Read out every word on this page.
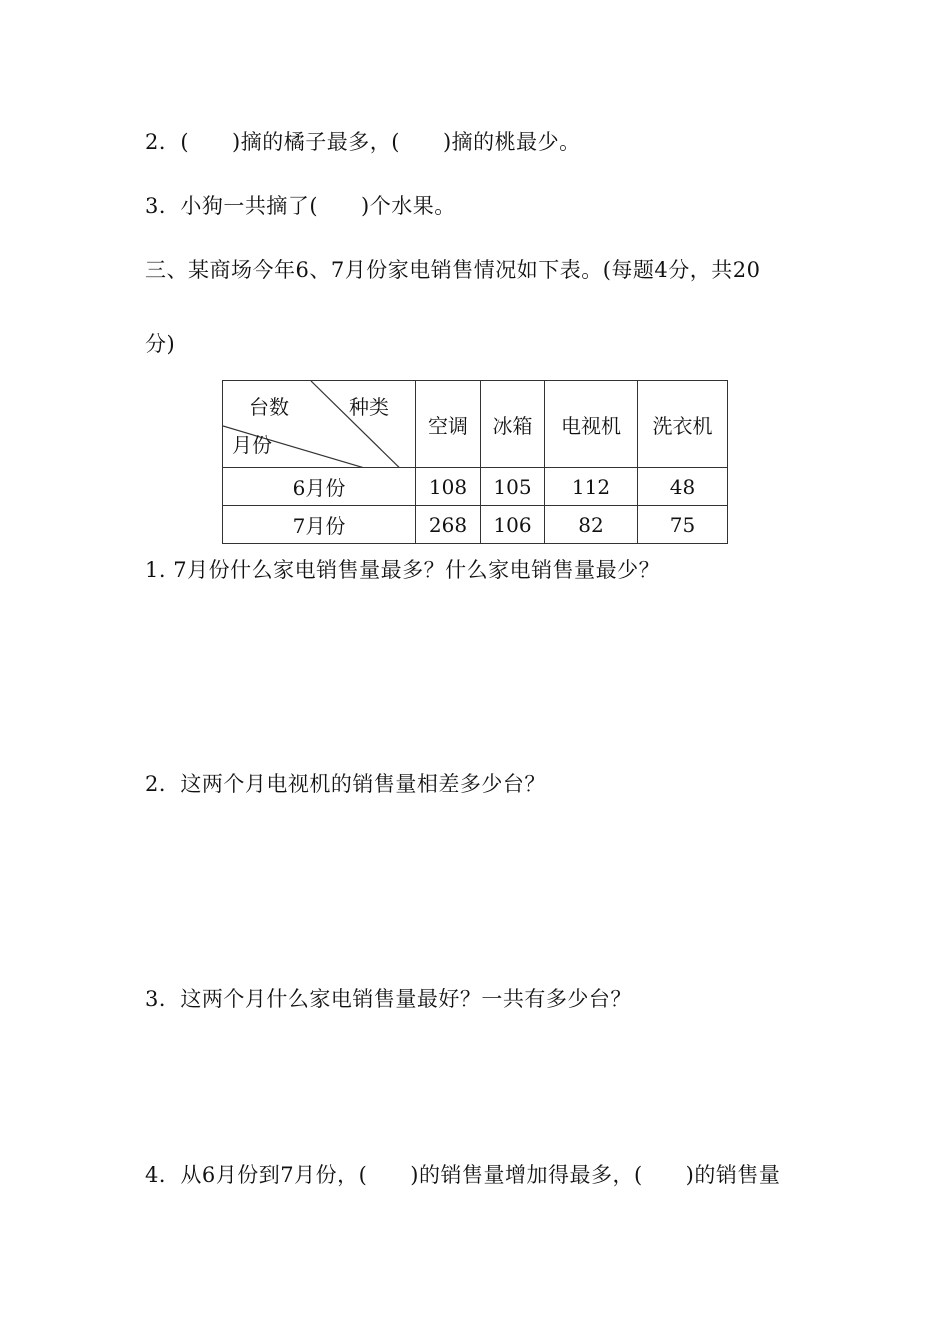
2．(　　)摘的橘子最多，(　　)摘的桃最少。
3．小狗一共摘了(　　)个水果。
三、某商场今年6、7月份家电销售情况如下表。(每题4分，共20
分)
台数 种类
月份	空调	冰箱	电视机	洗衣机
6月份	108	105	112	48
7月份	268	106	82	75
1. 7月份什么家电销售量最多？什么家电销售量最少？
2．这两个月电视机的销售量相差多少台？
3．这两个月什么家电销售量最好？一共有多少台？
4．从6月份到7月份，(　　)的销售量增加得最多，(　　)的销售量
